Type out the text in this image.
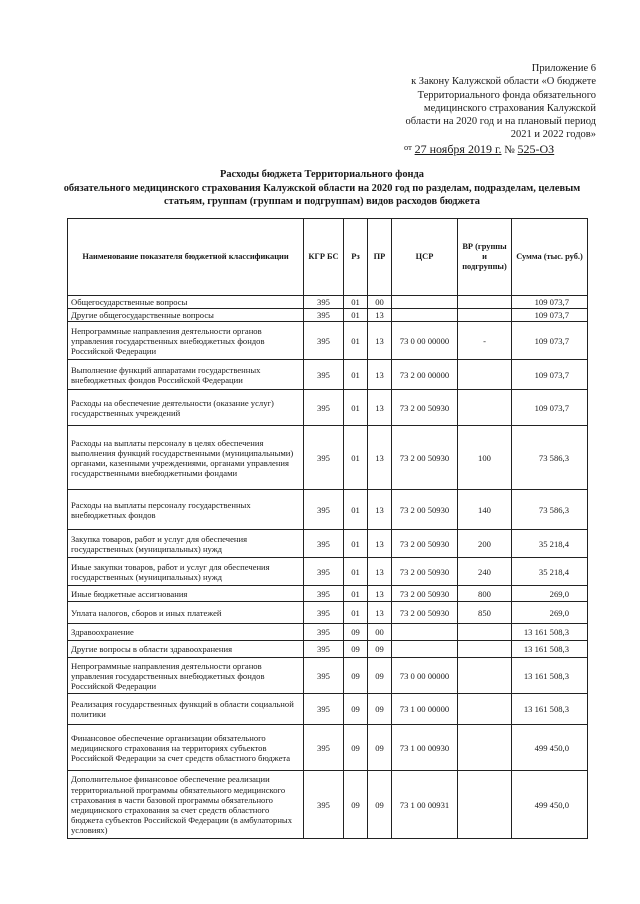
Приложение 6
к Закону Калужской области «О бюджете
Территориального фонда обязательного
медицинского страхования Калужской
области на 2020 год и на плановый период
2021 и 2022 годов»
$^{от}$ 27 ноября 2019 г. № 525-ОЗ
Расходы бюджета Территориального фонда
обязательного медицинского страхования Калужской области на 2020 год по разделам, подразделам, целевым статьям, группам (группам и подгруппам) видов расходов бюджета
Наименование показателя бюджетной классификации	КГР БС	Рз	ПР	ЦСР	ВР (группы и подгруппы)	Сумма (тыс. руб.)
Общегосударственные вопросы	395	01	00			109 073,7
Другие общегосударственные вопросы	395	01	13			109 073,7
Непрограммные направления деятельности органов управления государственных внебюджетных фондов Российской Федерации	395	01	13	73 0 00 00000	-	109 073,7
Выполнение функций аппаратами государственных внебюджетных фондов Российской Федерации	395	01	13	73 2 00 00000		109 073,7
Расходы на обеспечение деятельности (оказание услуг) государственных учреждений	395	01	13	73 2 00 50930		109 073,7
Расходы на выплаты персоналу в целях обеспечения выполнения функций государственными (муниципальными) органами, казенными учреждениями, органами управления государственными внебюджетными фондами	395	01	13	73 2 00 50930	100	73 586,3
Расходы на выплаты персоналу государственных внебюджетных фондов	395	01	13	73 2 00 50930	140	73 586,3
Закупка товаров, работ и услуг для обеспечения государственных (муниципальных) нужд	395	01	13	73 2 00 50930	200	35 218,4
Иные закупки товаров, работ и услуг для обеспечения государственных (муниципальных) нужд	395	01	13	73 2 00 50930	240	35 218,4
Иные бюджетные ассигнования	395	01	13	73 2 00 50930	800	269,0
Уплата налогов, сборов и иных платежей	395	01	13	73 2 00 50930	850	269,0
Здравоохранение	395	09	00			13 161 508,3
Другие вопросы в области здравоохранения	395	09	09			13 161 508,3
Непрограммные направления деятельности органов управления государственных внебюджетных фондов Российской Федерации	395	09	09	73 0 00 00000		13 161 508,3
Реализация государственных функций в области социальной политики	395	09	09	73 1 00 00000		13 161 508,3
Финансовое обеспечение организации обязательного медицинского страхования на территориях субъектов Российской Федерации за счет средств областного бюджета	395	09	09	73 1 00 00930		499 450,0
Дополнительное финансовое обеспечение реализации территориальной программы обязательного медицинского страхования в части базовой программы обязательного медицинского страхования за счет средств областного бюджета субъектов Российской Федерации (в амбулаторных условиях)	395	09	09	73 1 00 00931		499 450,0
